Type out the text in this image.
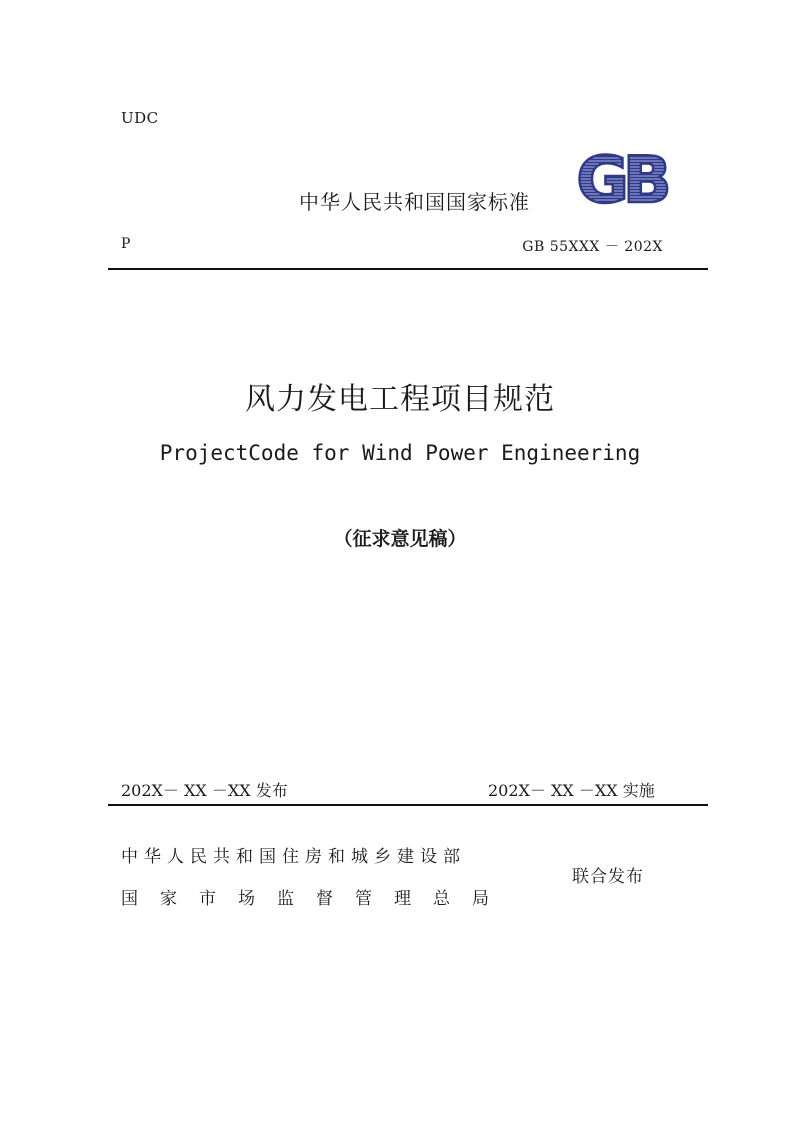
UDC
中华人民共和国国家标准 GB
P	GB 55XXX － 202X
风力发电工程项目规范
ProjectCode for Wind Power Engineering
（征求意见稿）
202X－ XX －XX 发布	202X－ XX －XX 实施
中华人民共和国住房和城乡建设部
国家市场监督管理总局
联合发布
